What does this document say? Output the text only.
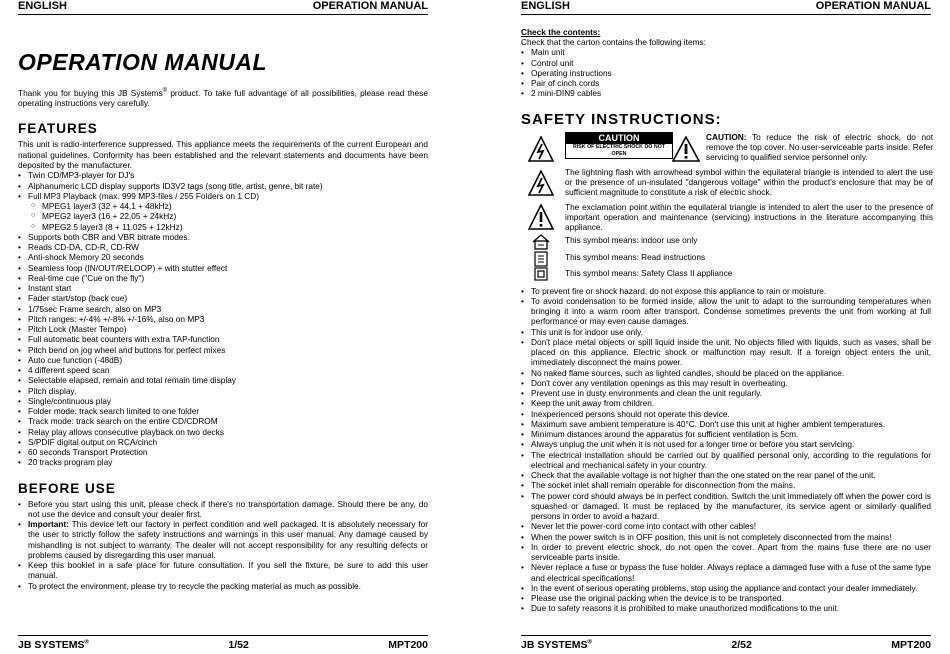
ENGLISH	OPERATION MANUAL
OPERATION MANUAL

Thank you for buying this JB Systems® product. To take full advantage of all possibilities, please read these operating instructions very carefully.

FEATURES

This unit is radio-interference suppressed. This appliance meets the requirements of the current European and national guidelines. Conformity has been established and the relevant statements and documents have been deposited by the manufacturer.

• Twin CD/MP3-player for DJ's
• Alphanumeric LCD display supports ID3V2 tags (song title, artist, genre, bit rate)
• Full MP3 Playback (max. 999 MP3-files / 255 Folders on 1 CD)
○ MPEG1 layer3 (32 + 44,1 + 48kHz)
○ MPEG2 layer3 (16 + 22,05 + 24kHz)
○ MPEG2.5 layer3 (8 + 11.025 + 12kHz)
• Supports both CBR and VBR bitrate modes.
• Reads CD-DA, CD-R, CD-RW
• Anti-shock Memory 20 seconds
• Seamless loop (IN/OUT/RELOOP) + with stutter effect
• Real-time cue ("Cue on the fly")
• Instant start
• Fader start/stop (back cue)
• 1/75sec Frame search, also on MP3
• Pitch ranges: +/-4% +/-8% +/-16%, also on MP3
• Pitch Lock (Master Tempo)
• Full automatic beat counters with extra TAP-function
• Pitch bend on jog wheel and buttons for perfect mixes
• Auto cue function (-48dB)
• 4 different speed scan
• Selectable elapsed, remain and total remain time display
• Pitch display.
• Single/continuous play
• Folder mode: track search limited to one folder
• Track mode: track search on the entire CD/CDROM
• Relay play allows consecutive playback on two decks
• S/PDIF digital output on RCA/cinch
• 60 seconds Transport Protection
• 20 tracks program play
BEFORE USE
• Before you start using this unit, please check if there's no transportation damage. Should there be any, do not use the device and consult your dealer first.
• Important: This device left our factory in perfect condition and well packaged. It is absolutely necessary for the user to strictly follow the safety instructions and warnings in this user manual. Any damage caused by mishandling is not subject to warranty. The dealer will not accept responsibility for any resulting defects or problems caused by disregarding this user manual.
• Keep this booklet in a safe place for future consultation. If you sell the fixture, be sure to add this user manual.
• To protect the environment, please try to recycle the packing material as much as possible.
JB SYSTEMS®	1/52	MPT200
ENGLISH	OPERATION MANUAL
Check the contents:

Check that the carton contains the following items:

• Main unit
• Control unit
• Operating instructions
• Pair of cinch cords
• 2 mini-DIN9 cables
SAFETY INSTRUCTIONS:
CAUTION
RISK OF ELECTRIC SHOCK DO NOT OPEN
CAUTION: To reduce the risk of electric shock, do not remove the top cover. No user-serviceable parts inside. Refer servicing to qualified service personnel only.
The lightning flash with arrowhead symbol within the equilateral triangle is intended to alert the use or the presence of un-insulated "dangerous voltage" within the product's enclosure that may be of sufficient magnitude to constitute a risk of electric shock.
The exclamation point within the equilateral triangle is intended to alert the user to the presence of important operation and maintenance (servicing) instructions in the literature accompanying this appliance.
This symbol means: indoor use only
This symbol means: Read instructions
This symbol means: Safety Class II appliance
• To prevent fire or shock hazard, do not expose this appliance to rain or moisture.
• To avoid condensation to be formed inside, allow the unit to adapt to the surrounding temperatures when bringing it into a warm room after transport. Condense sometimes prevents the unit from working at full performance or may even cause damages.
• This unit is for indoor use only.
• Don't place metal objects or spill liquid inside the unit. No objects filled with liquids, such as vases, shall be placed on this appliance. Electric shock or malfunction may result. If a foreign object enters the unit, immediately disconnect the mains power.
• No naked flame sources, such as lighted candles, should be placed on the appliance.
• Don't cover any ventilation openings as this may result in overheating.
• Prevent use in dusty environments and clean the unit regularly.
• Keep the unit away from children.
• Inexperienced persons should not operate this device.
• Maximum save ambient temperature is 40°C. Don't use this unit at higher ambient temperatures.
• Minimum distances around the apparatus for sufficient ventilation is 5cm.
• Always unplug the unit when it is not used for a longer time or before you start servicing.
• The electrical installation should be carried out by qualified personal only, according to the regulations for electrical and mechanical safety in your country.
• Check that the available voltage is not higher than the one stated on the rear panel of the unit.
• The socket inlet shall remain operable for disconnection from the mains.
• The power cord should always be in perfect condition. Switch the unit immediately off when the power cord is squashed or damaged. It must be replaced by the manufacturer, its service agent or similarly qualified persons in order to avoid a hazard.
• Never let the power-cord come into contact with other cables!
• When the power switch is in OFF position, this unit is not completely disconnected from the mains!
• In order to prevent electric shock, do not open the cover. Apart from the mains fuse there are no user serviceable parts inside.
• Never replace a fuse or bypass the fuse holder. Always replace a damaged fuse with a fuse of the same type and electrical specifications!
• In the event of serious operating problems, stop using the appliance and contact your dealer immediately.
• Please use the original packing when the device is to be transported.
• Due to safety reasons it is prohibited to make unauthorized modifications to the unit.
JB SYSTEMS®	2/52	MPT200
